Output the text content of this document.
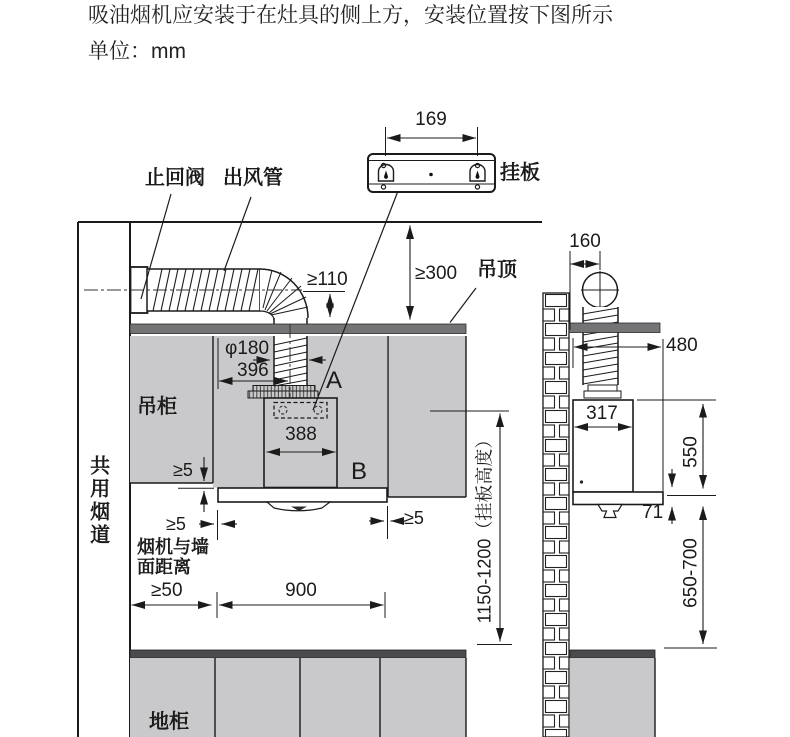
吸油烟机应安装于在灶具的侧上方，安装位置按下图所示
单位：mm
止回阀 出风管	挂板
吊顶
吊柜
共用烟道 烟机与墙
面距离
地柜
A
B
169
≥110	≥300
φ180
396
388
≥5
≥5	≥5
≥50	900	1150-1200（挂板高度）
160
480
317
550
71
650-700
